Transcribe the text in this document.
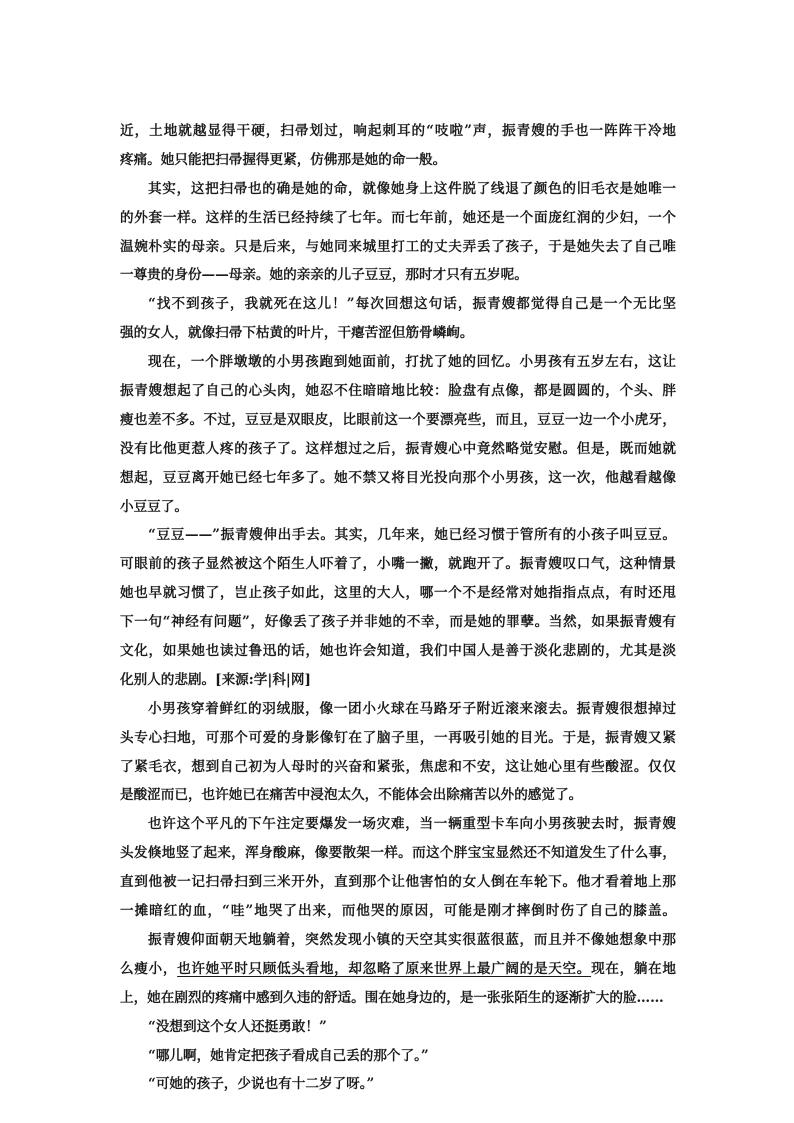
近，土地就越显得干硬，扫帚划过，响起刺耳的“吱啦”声，振青嫂的手也一阵阵干冷地
疼痛。她只能把扫帚握得更紧，仿佛那是她的命一般。
其实，这把扫帚也的确是她的命，就像她身上这件脱了线退了颜色的旧毛衣是她唯一
的外套一样。这样的生活已经持续了七年。而七年前，她还是一个面庞红润的少妇，一个
温婉朴实的母亲。只是后来，与她同来城里打工的丈夫弄丢了孩子，于是她失去了自己唯
一尊贵的身份——母亲。她的亲亲的儿子豆豆，那时才只有五岁呢。
“找不到孩子，我就死在这儿！”每次回想这句话，振青嫂都觉得自己是一个无比坚
强的女人，就像扫帚下枯黄的叶片，干瘪苦涩但筋骨嶙峋。
现在，一个胖墩墩的小男孩跑到她面前，打扰了她的回忆。小男孩有五岁左右，这让
振青嫂想起了自己的心头肉，她忍不住暗暗地比较：脸盘有点像，都是圆圆的，个头、胖
瘦也差不多。不过，豆豆是双眼皮，比眼前这一个要漂亮些，而且，豆豆一边一个小虎牙，
没有比他更惹人疼的孩子了。这样想过之后，振青嫂心中竟然略觉安慰。但是，既而她就
想起，豆豆离开她已经七年多了。她不禁又将目光投向那个小男孩，这一次，他越看越像
小豆豆了。
“豆豆——”振青嫂伸出手去。其实，几年来，她已经习惯于管所有的小孩子叫豆豆。
可眼前的孩子显然被这个陌生人吓着了，小嘴一撇，就跑开了。振青嫂叹口气，这种情景
她也早就习惯了，岂止孩子如此，这里的大人，哪一个不是经常对她指指点点，有时还甩
下一句“神经有问题”，好像丢了孩子并非她的不幸，而是她的罪孽。当然，如果振青嫂有
文化，如果她也读过鲁迅的话，她也许会知道，我们中国人是善于淡化悲剧的，尤其是淡
化别人的悲剧。[来源:学|科|网]
小男孩穿着鲜红的羽绒服，像一团小火球在马路牙子附近滚来滚去。振青嫂很想掉过
头专心扫地，可那个可爱的身影像钉在了脑子里，一再吸引她的目光。于是，振青嫂又紧
了紧毛衣，想到自己初为人母时的兴奋和紧张，焦虑和不安，这让她心里有些酸涩。仅仅
是酸涩而已，也许她已在痛苦中浸泡太久，不能体会出除痛苦以外的感觉了。
也许这个平凡的下午注定要爆发一场灾难，当一辆重型卡车向小男孩驶去时，振青嫂
头发倏地竖了起来，浑身酸麻，像要散架一样。而这个胖宝宝显然还不知道发生了什么事，
直到他被一记扫帚扫到三米开外，直到那个让他害怕的女人倒在车轮下。他才看着地上那
一摊暗红的血，“哇”地哭了出来，而他哭的原因，可能是刚才摔倒时伤了自己的膝盖。
振青嫂仰面朝天地躺着，突然发现小镇的天空其实很蓝很蓝，而且并不像她想象中那
么瘦小，也许她平时只顾低头看地，却忽略了原来世界上最广阔的是天空。现在，躺在地
上，她在剧烈的疼痛中感到久违的舒适。围在她身边的，是一张张陌生的逐渐扩大的脸……
“没想到这个女人还挺勇敢！”
“哪儿啊，她肯定把孩子看成自己丢的那个了。”
“可她的孩子，少说也有十二岁了呀。”
